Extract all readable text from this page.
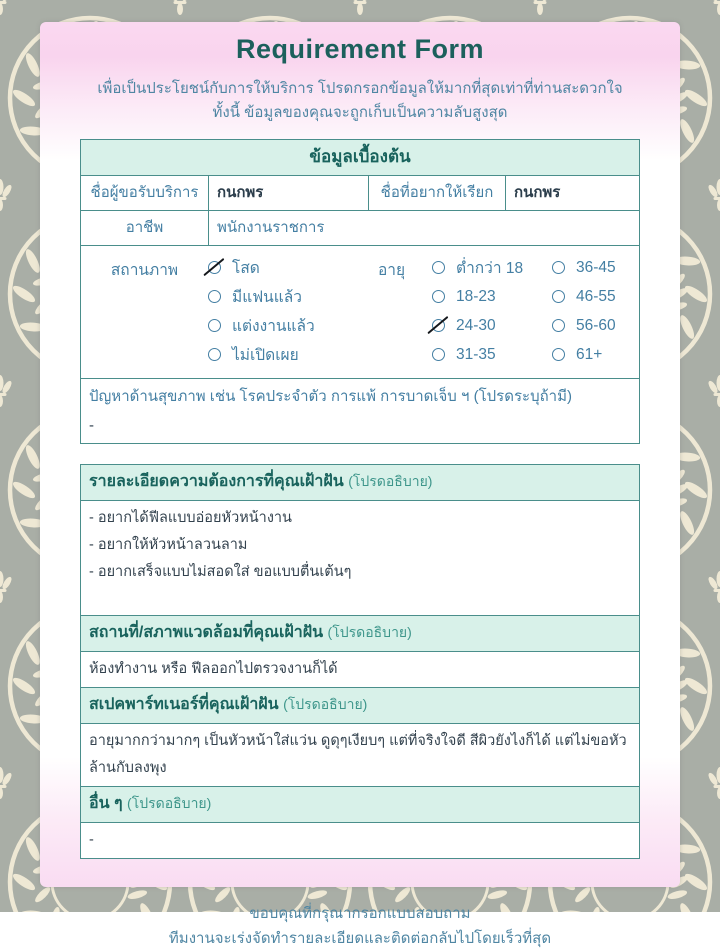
Requirement Form
เพื่อเป็นประโยชน์กับการให้บริการ โปรดกรอกข้อมูลให้มากที่สุดเท่าที่ท่านสะดวกใจ
ทั้งนี้ ข้อมูลของคุณจะถูกเก็บเป็นความลับสูงสุด
ข้อมูลเบื้องต้น
ชื่อผู้ขอรับบริการ	กนกพร	ชื่อที่อยากให้เรียก	กนกพร
อาชีพ	พนักงานราชการ
สถานภาพ	โสด
มีแฟนแล้ว
แต่งงานแล้ว
ไม่เปิดเผย
อายุ	ต่ำกว่า 18
18-23
24-30
31-35
36-45
46-55
56-60
61+
ปัญหาด้านสุขภาพ เช่น โรคประจำตัว การแพ้ การบาดเจ็บ ฯ (โปรดระบุถ้ามี)
-
รายละเอียดความต้องการที่คุณเฝ้าฝัน (โปรดอธิบาย)
- อยากได้ฟีลแบบอ่อยหัวหน้างาน
- อยากให้หัวหน้าลวนลาม
- อยากเสร็จแบบไม่สอดใส่ ขอแบบตื่นเต้นๆ
สถานที่/สภาพแวดล้อมที่คุณเฝ้าฝัน (โปรดอธิบาย)
ห้องทำงาน หรือ ฟีลออกไปตรวจงานก็ได้
สเปคพาร์ทเนอร์ที่คุณเฝ้าฝัน (โปรดอธิบาย)
อายุมากกว่ามากๆ เป็นหัวหน้าใส่แว่น ดูดุๆเงียบๆ แต่ที่จริงใจดี สีผิวยังไงก็ได้ แต่ไม่ขอหัวล้านกับลงพุง
อื่น ๆ (โปรดอธิบาย)
-
ขอบคุณที่กรุณากรอกแบบสอบถาม
ทีมงานจะเร่งจัดทำรายละเอียดและติดต่อกลับไปโดยเร็วที่สุด
